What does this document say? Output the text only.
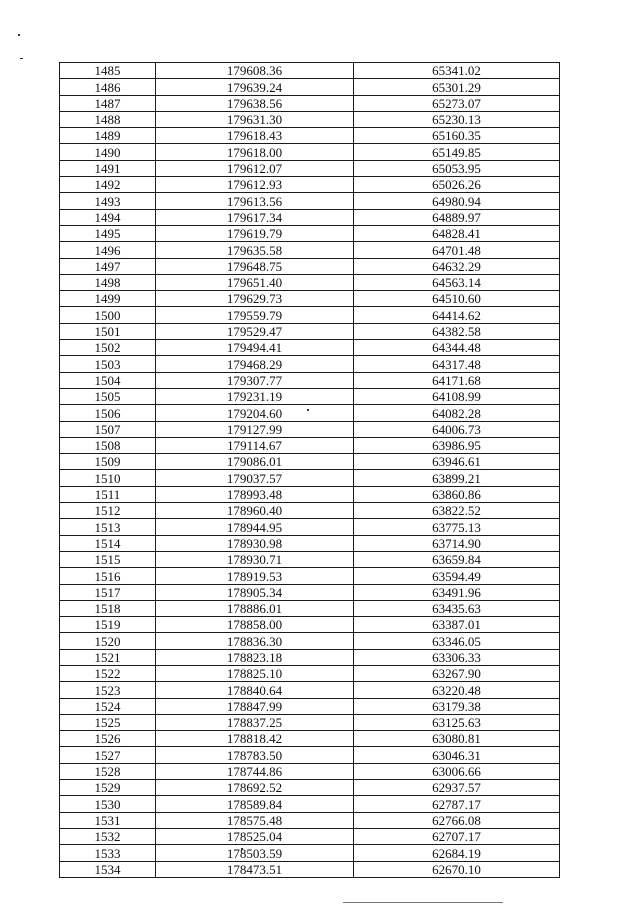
1485	179608.36	65341.02
1486	179639.24	65301.29
1487	179638.56	65273.07
1488	179631.30	65230.13
1489	179618.43	65160.35
1490	179618.00	65149.85
1491	179612.07	65053.95
1492	179612.93	65026.26
1493	179613.56	64980.94
1494	179617.34	64889.97
1495	179619.79	64828.41
1496	179635.58	64701.48
1497	179648.75	64632.29
1498	179651.40	64563.14
1499	179629.73	64510.60
1500	179559.79	64414.62
1501	179529.47	64382.58
1502	179494.41	64344.48
1503	179468.29	64317.48
1504	179307.77	64171.68
1505	179231.19	64108.99
1506	179204.60	64082.28
1507	179127.99	64006.73
1508	179114.67	63986.95
1509	179086.01	63946.61
1510	179037.57	63899.21
1511	178993.48	63860.86
1512	178960.40	63822.52
1513	178944.95	63775.13
1514	178930.98	63714.90
1515	178930.71	63659.84
1516	178919.53	63594.49
1517	178905.34	63491.96
1518	178886.01	63435.63
1519	178858.00	63387.01
1520	178836.30	63346.05
1521	178823.18	63306.33
1522	178825.10	63267.90
1523	178840.64	63220.48
1524	178847.99	63179.38
1525	178837.25	63125.63
1526	178818.42	63080.81
1527	178783.50	63046.31
1528	178744.86	63006.66
1529	178692.52	62937.57
1530	178589.84	62787.17
1531	178575.48	62766.08
1532	178525.04	62707.17
1533	178503.59	62684.19
1534	178473.51	62670.10
